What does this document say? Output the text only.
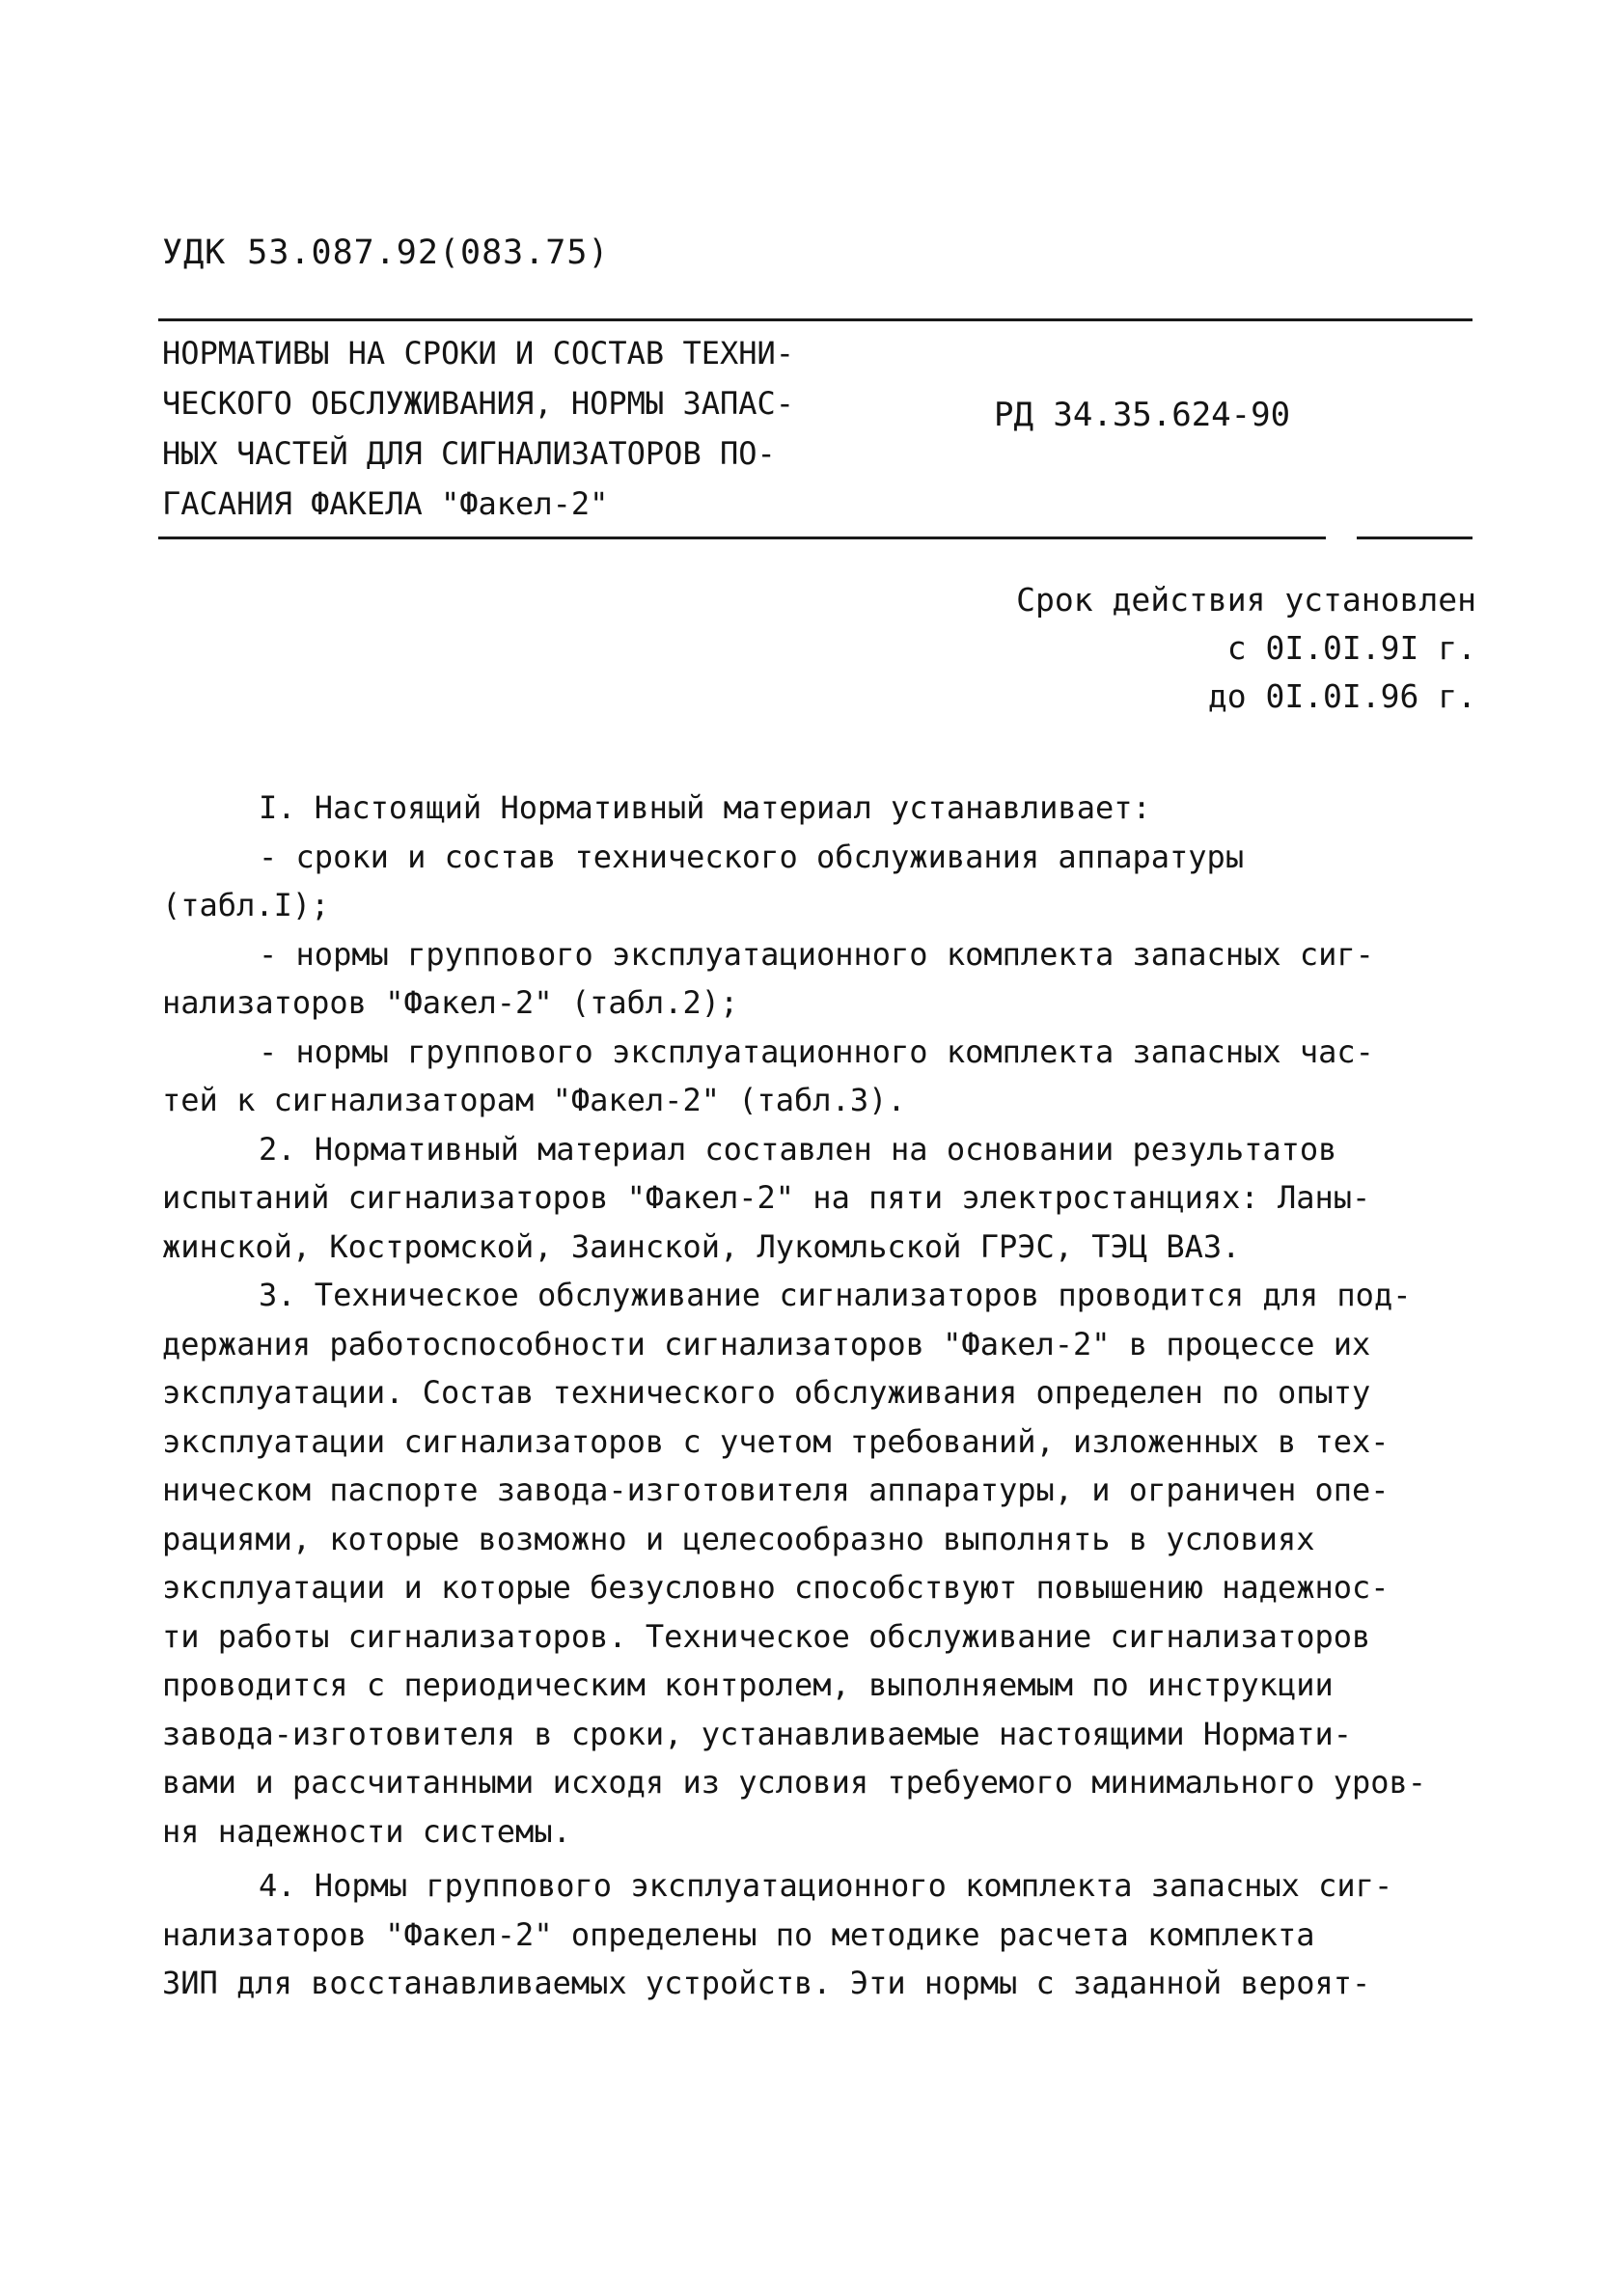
УДК 53.087.92(083.75)
НОРМАТИВЫ НА СРОКИ И СОСТАВ ТЕХНИ-
ЧЕСКОГО ОБСЛУЖИВАНИЯ, НОРМЫ ЗАПАС-
НЫХ ЧАСТЕЙ ДЛЯ СИГНАЛИЗАТОРОВ ПО-
ГАСАНИЯ ФАКЕЛА "Факел-2"
РД 34.35.624-90
Срок действия установлен
с 0I.0I.9I г.
до 0I.0I.96 г.
I. Настоящий Нормативный материал устанавливает:
- сроки и состав технического обслуживания аппаратуры
(табл.I);
- нормы группового эксплуатационного комплекта запасных сиг-
нализаторов "Факел-2" (табл.2);
- нормы группового эксплуатационного комплекта запасных час-
тей к сигнализаторам "Факел-2" (табл.3).
2. Нормативный материал составлен на основании результатов
испытаний сигнализаторов "Факел-2" на пяти электростанциях: Ланы-
жинской, Костромской, Заинской, Лукомльской ГРЭС, ТЭЦ ВАЗ.
3. Техническое обслуживание сигнализаторов проводится для под-
держания работоспособности сигнализаторов "Факел-2" в процессе их
эксплуатации. Состав технического обслуживания определен по опыту
эксплуатации сигнализаторов с учетом требований, изложенных в тех-
ническом паспорте завода-изготовителя аппаратуры, и ограничен опе-
рациями, которые возможно и целесообразно выполнять в условиях
эксплуатации и которые безусловно способствуют повышению надежнос-
ти работы сигнализаторов. Техническое обслуживание сигнализаторов
проводится с периодическим контролем, выполняемым по инструкции
завода-изготовителя в сроки, устанавливаемые настоящими Нормати-
вами и рассчитанными исходя из условия требуемого минимального уров-
ня надежности системы.
4. Нормы группового эксплуатационного комплекта запасных сиг-
нализаторов "Факел-2" определены по методике расчета комплекта
ЗИП для восстанавливаемых устройств. Эти нормы с заданной вероят-
